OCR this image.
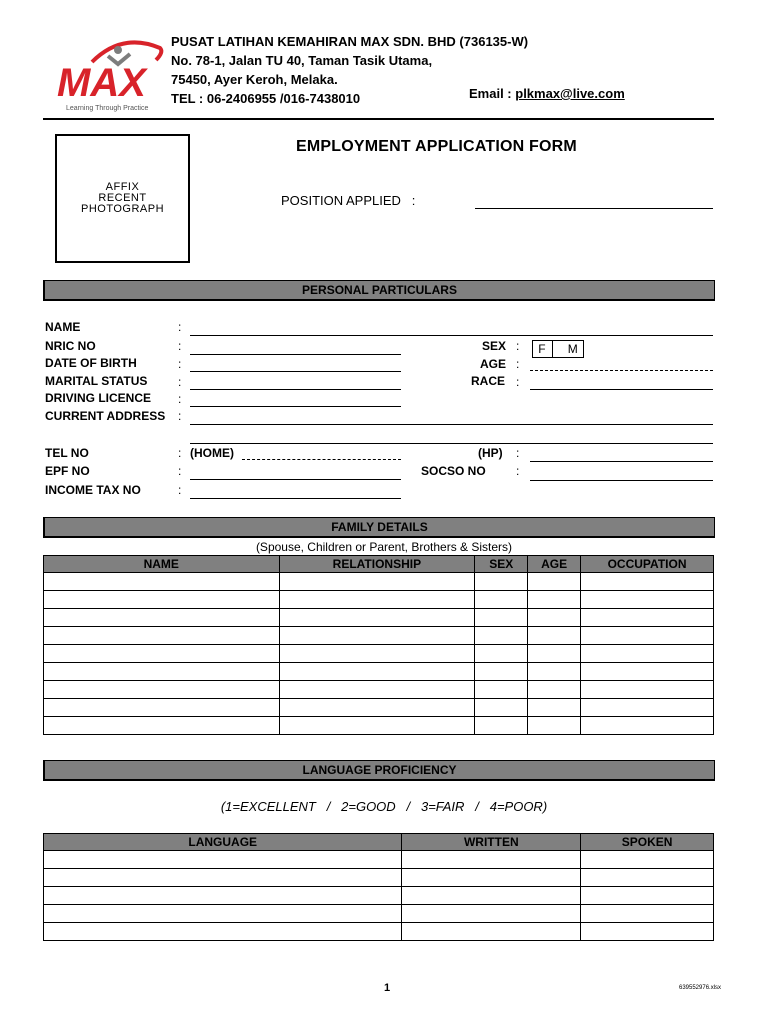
MAX
Learning Through Practice
PUSAT LATIHAN KEMAHIRAN MAX SDN. BHD (736135-W)
No. 78-1, Jalan TU 40, Taman Tasik Utama,
75450, Ayer Keroh, Melaka.
TEL : 06-2406955 /016-7438010	Email : plkmax@live.com
AFFIX
RECENT
PHOTOGRAPH
EMPLOYMENT APPLICATION FORM
POSITION APPLIED :
PERSONAL PARTICULARS
NAME	:
NRIC NO	:
DATE OF BIRTH	:
MARITAL STATUS	:
DRIVING LICENCE :
CURRENT ADDRESS :
SEX :	F	M
AGE :
RACE :
TEL NO	: (HOME)	(HP) :
EPF NO	:	SOCSO NO	:
INCOME TAX NO	:
FAMILY DETAILS
(Spouse, Children or Parent, Brothers & Sisters)
NAME	RELATIONSHIP	SEX	AGE	OCCUPATION

LANGUAGE PROFICIENCY
(1=EXCELLENT   /   2=GOOD   /   3=FAIR   /   4=POOR)
LANGUAGE	WRITTEN	SPOKEN

1	639552976.xlsx
